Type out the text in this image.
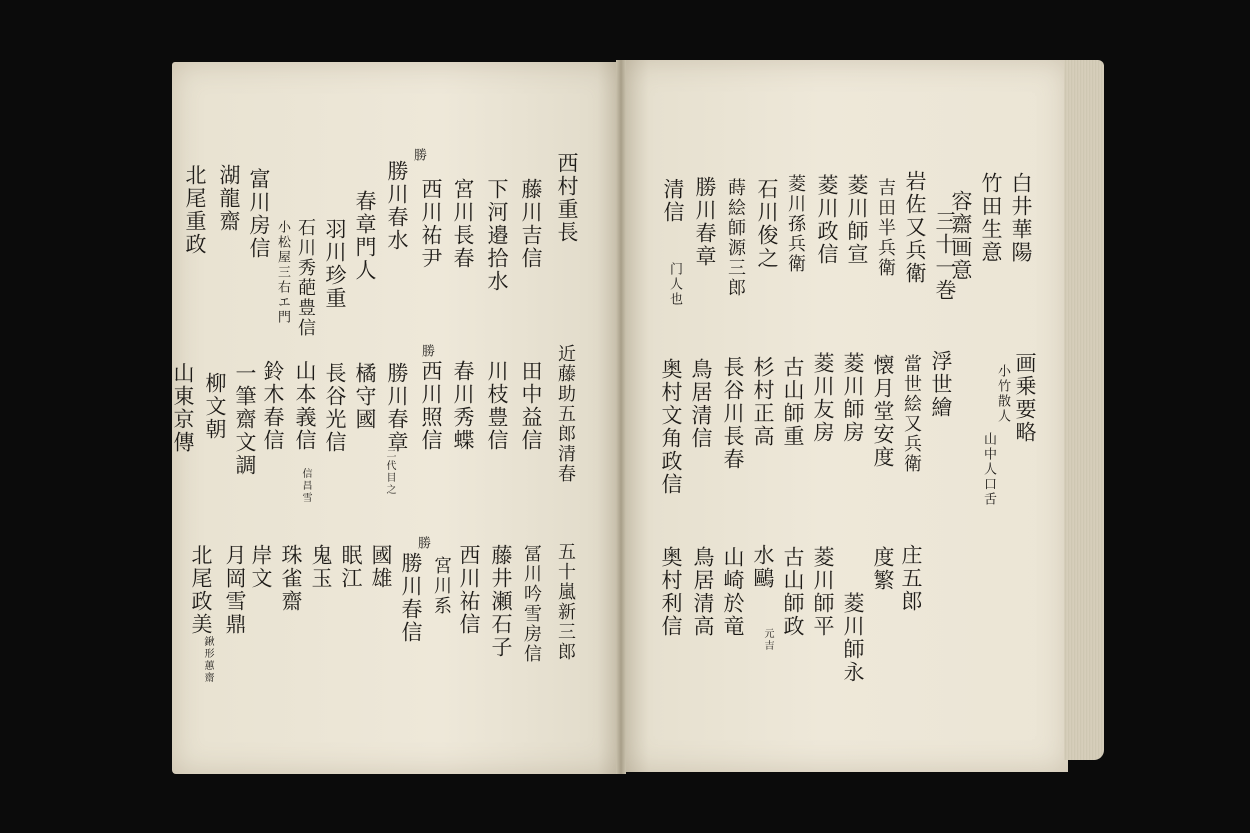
西村重長
藤川吉信
下河邉拾水
宮川長春
西川祐尹
勝
勝川春水
春章門人
羽川珍重
石川秀葩豊信
小松屋三右エ門
富川房信
湖龍齋
北尾重政
近藤助五郎清春
田中益信
川枝豊信
春川秀蝶
西川照信
勝
勝川春章
橘守國
二代目之
長谷光信
山本義信
鈴木春信
信昌雪
一筆齋文調
柳文朝
山東京傳
五十嵐新三郎
冨川吟雪房信
藤井瀬石子
西川祐信
宮川系
勝
勝川春信
國雄
眠江
鬼玉
珠雀齋
岸文
月岡雪鼎
北尾政美
鍬形蕙齋
白井華陽
竹田生意
容齋画意
岩佐又兵衛
吉田半兵衛 三十一巻
菱川師宣
菱川政信
菱川孫兵衛
石川俊之
蒔絵師源三郎
勝川春章
清信
门人也
画乗要略
小竹散人
山中人口舌
浮世繪
當世絵又兵衛
懐月堂安度
菱川師房
菱川友房
古山師重
杉村正高
長谷川長春
鳥居清信
奥村文角政信
庄五郎
度繁
菱川師永
菱川師平
古山師政
水鷗
元吉
山崎於竜
鳥居清高
奥村利信
